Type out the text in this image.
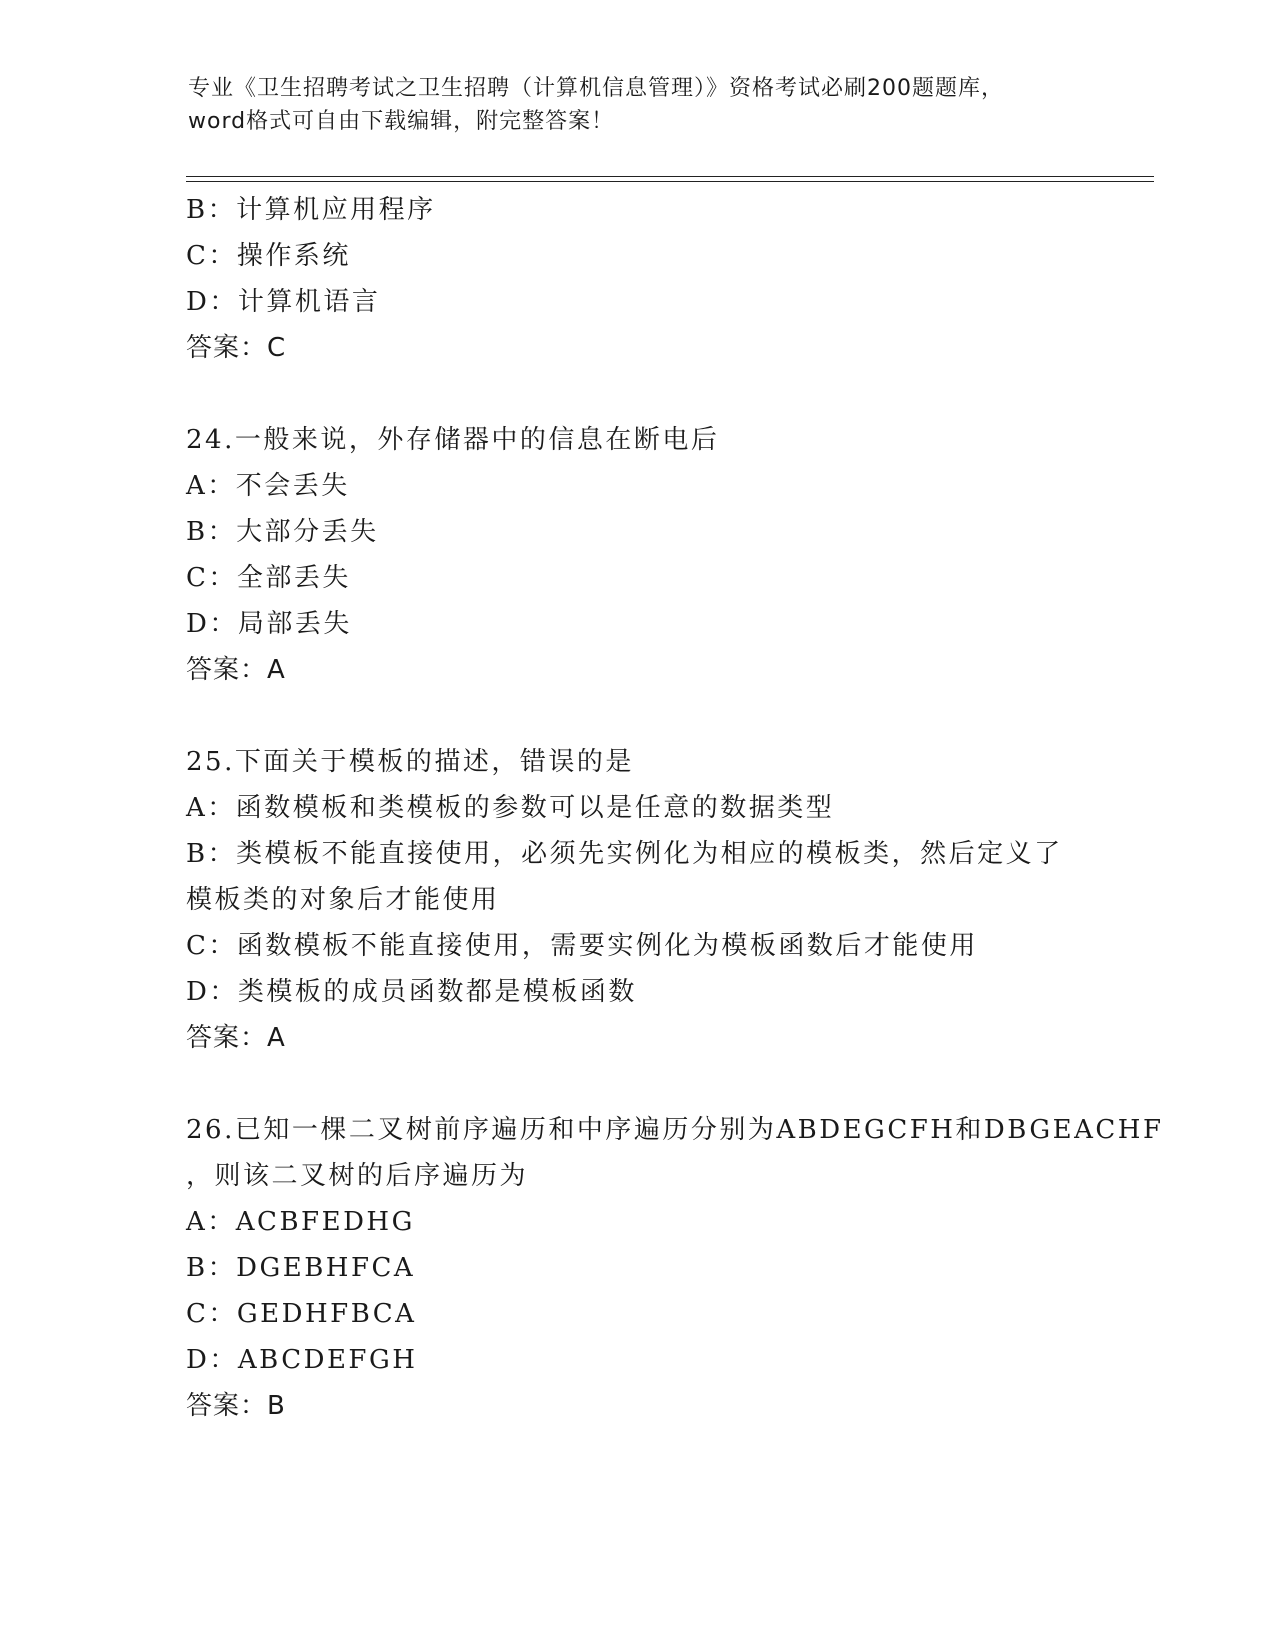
专业《卫生招聘考试之卫生招聘（计算机信息管理）》资格考试必刷200题题库，
word格式可自由下载编辑，附完整答案！
B：计算机应用程序
C：操作系统
D：计算机语言
答案：C
24.一般来说，外存储器中的信息在断电后
A：不会丢失
B：大部分丢失
C：全部丢失
D：局部丢失
答案：A
25.下面关于模板的描述，错误的是
A：函数模板和类模板的参数可以是任意的数据类型
B：类模板不能直接使用，必须先实例化为相应的模板类，然后定义了
模板类的对象后才能使用
C：函数模板不能直接使用，需要实例化为模板函数后才能使用
D：类模板的成员函数都是模板函数
答案：A
26.已知一棵二叉树前序遍历和中序遍历分别为ABDEGCFH和DBGEACHF
，则该二叉树的后序遍历为
A：ACBFEDHG
B：DGEBHFCA
C：GEDHFBCA
D：ABCDEFGH
答案：B
